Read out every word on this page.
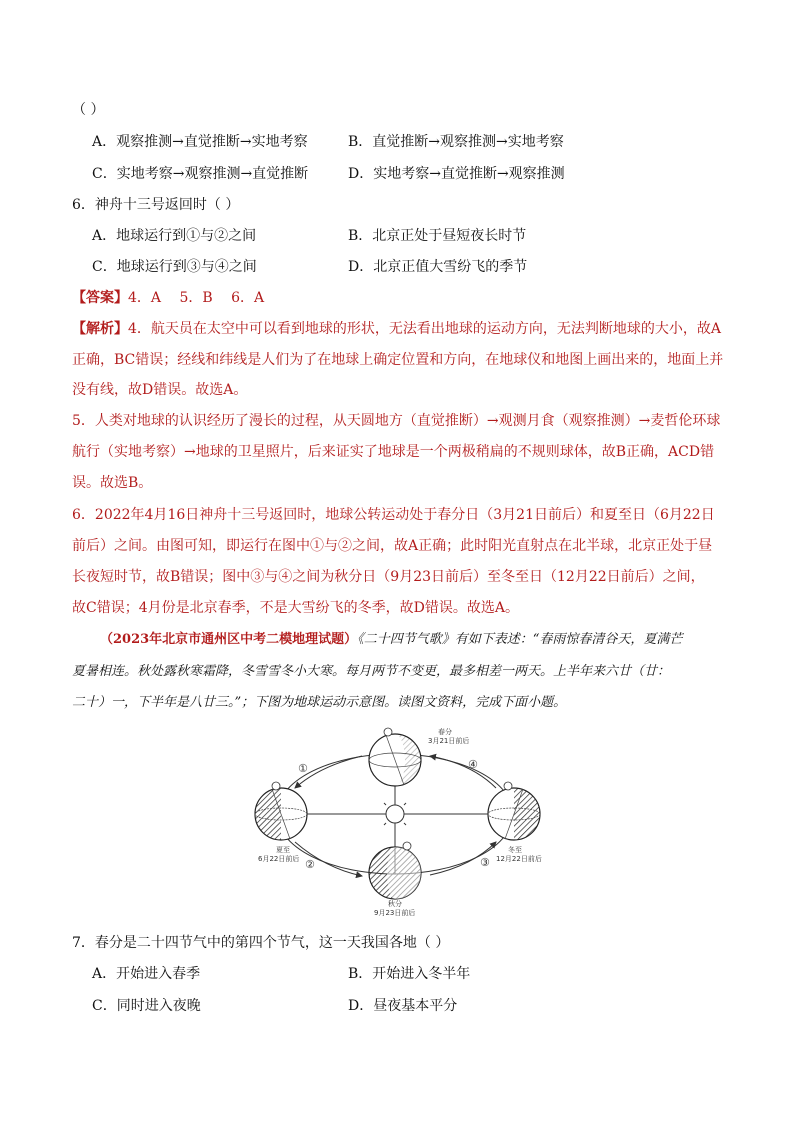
（ ）
A．观察推测→直觉推断→实地考察	B．直觉推断→观察推测→实地考察
C．实地考察→观察推测→直觉推断	D．实地考察→直觉推断→观察推测
6．神舟十三号返回时（ ）
A．地球运行到①与②之间	B．北京正处于昼短夜长时节
C．地球运行到③与④之间	D．北京正值大雪纷飞的季节
【答案】4．A　 5．B　 6．A
【解析】4．航天员在太空中可以看到地球的形状，无法看出地球的运动方向，无法判断地球的大小，故A
正确，BC错误；经线和纬线是人们为了在地球上确定位置和方向，在地球仪和地图上画出来的，地面上并
没有线，故D错误。故选A。
5．人类对地球的认识经历了漫长的过程，从天圆地方（直觉推断）→观测月食（观察推测）→麦哲伦环球
航行（实地考察）→地球的卫星照片，后来证实了地球是一个两极稍扁的不规则球体，故B正确，ACD错
误。故选B。
6．2022年4月16日神舟十三号返回时，地球公转运动处于春分日（3月21日前后）和夏至日（6月22日
前后）之间。由图可知，即运行在图中①与②之间，故A正确；此时阳光直射点在北半球，北京正处于昼
长夜短时节，故B错误；图中③与④之间为秋分日（9月23日前后）至冬至日（12月22日前后）之间，
故C错误；4月份是北京春季，不是大雪纷飞的冬季，故D错误。故选A。
（2023年北京市通州区中考二模地理试题）《二十四节气歌》有如下表述：“春雨惊春清谷天，夏满芒
夏暑相连。秋处露秋寒霜降，冬雪雪冬小大寒。每月两节不变更，最多相差一两天。上半年来六廿（廿：
二十）一，下半年是八廿三。”；下图为地球运动示意图。读图文资料，完成下面小题。
春分
3月21日前后
夏至
6月22日前后
秋分
9月23日前后
冬至
12月22日前后
①
②	③
④
7．春分是二十四节气中的第四个节气，这一天我国各地（ ）
A．开始进入春季	B．开始进入冬半年
C．同时进入夜晚	D．昼夜基本平分
